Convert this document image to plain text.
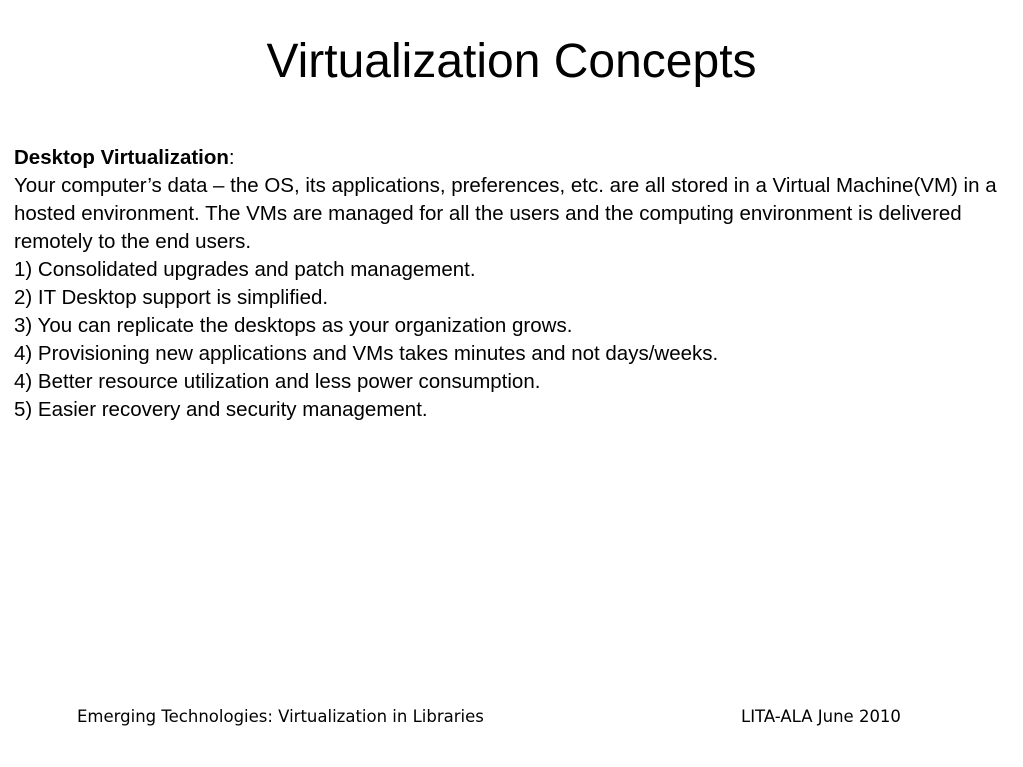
Virtualization Concepts
Desktop Virtualization:

Your computer’s data – the OS, its applications, preferences, etc. are all stored in a Virtual Machine(VM) in a hosted environment. The VMs are managed for all the users and the computing environment is delivered remotely to the end users.

1) Consolidated upgrades and patch management.
2) IT Desktop support is simplified.
3) You can replicate the desktops as your organization grows.
4) Provisioning new applications and VMs takes minutes and not days/weeks.
4) Better resource utilization and less power consumption.
5) Easier recovery and security management.
Emerging Technologies: Virtualization in Libraries	LITA-ALA June 2010
